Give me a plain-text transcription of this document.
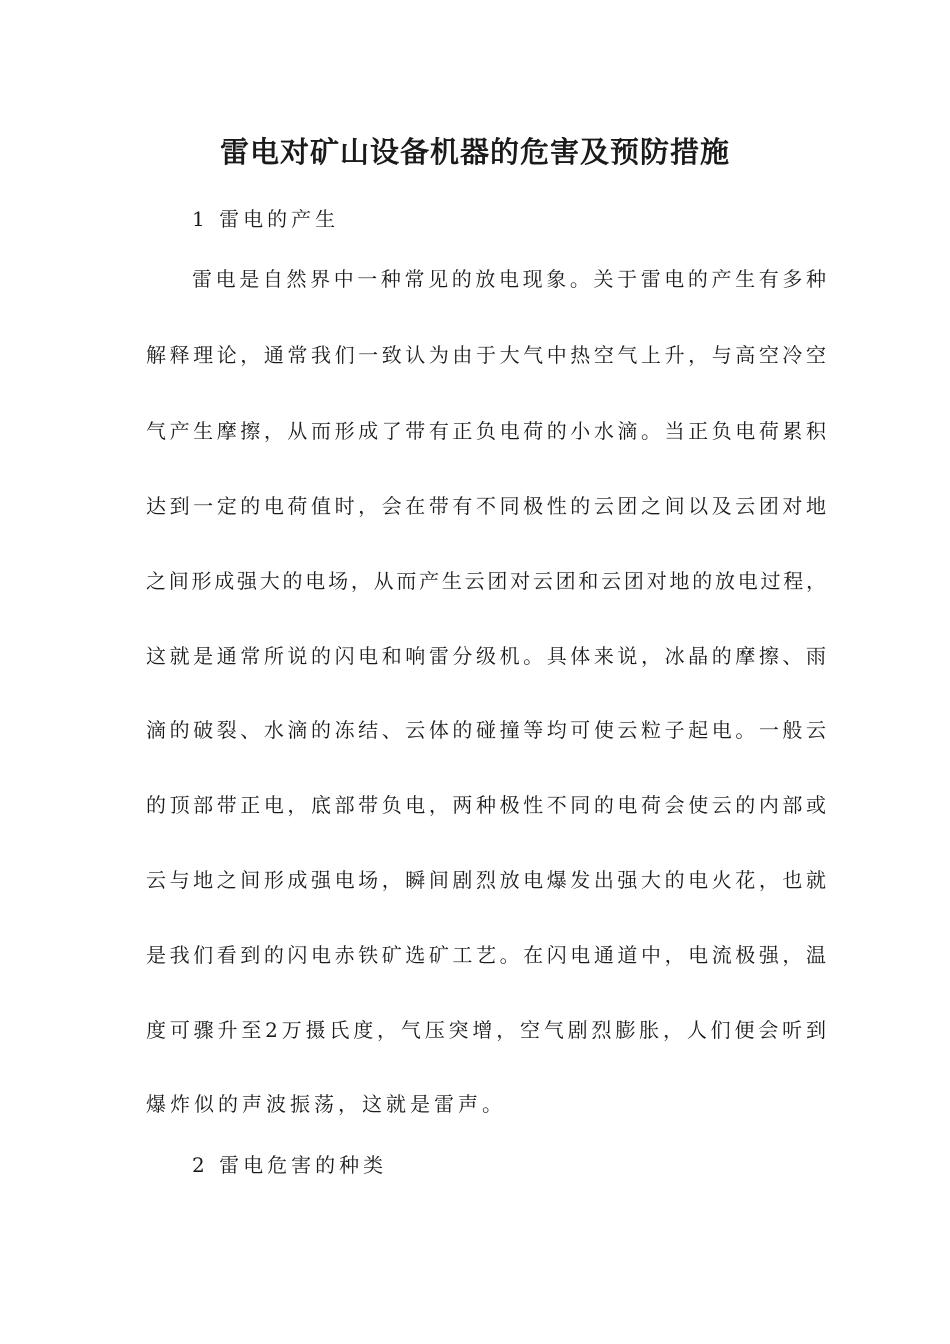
雷电对矿山设备机器的危害及预防措施
1 雷电的产生
雷电是自然界中一种常见的放电现象。关于雷电的产生有多种
解释理论，通常我们一致认为由于大气中热空气上升，与高空冷空
气产生摩擦，从而形成了带有正负电荷的小水滴。当正负电荷累积
达到一定的电荷值时，会在带有不同极性的云团之间以及云团对地
之间形成强大的电场，从而产生云团对云团和云团对地的放电过程，
这就是通常所说的闪电和响雷分级机。具体来说，冰晶的摩擦、雨
滴的破裂、水滴的冻结、云体的碰撞等均可使云粒子起电。一般云
的顶部带正电，底部带负电，两种极性不同的电荷会使云的内部或
云与地之间形成强电场，瞬间剧烈放电爆发出强大的电火花，也就
是我们看到的闪电赤铁矿选矿工艺。在闪电通道中，电流极强，温
度可骤升至2万摄氏度，气压突增，空气剧烈膨胀，人们便会听到
爆炸似的声波振荡，这就是雷声。
2 雷电危害的种类
